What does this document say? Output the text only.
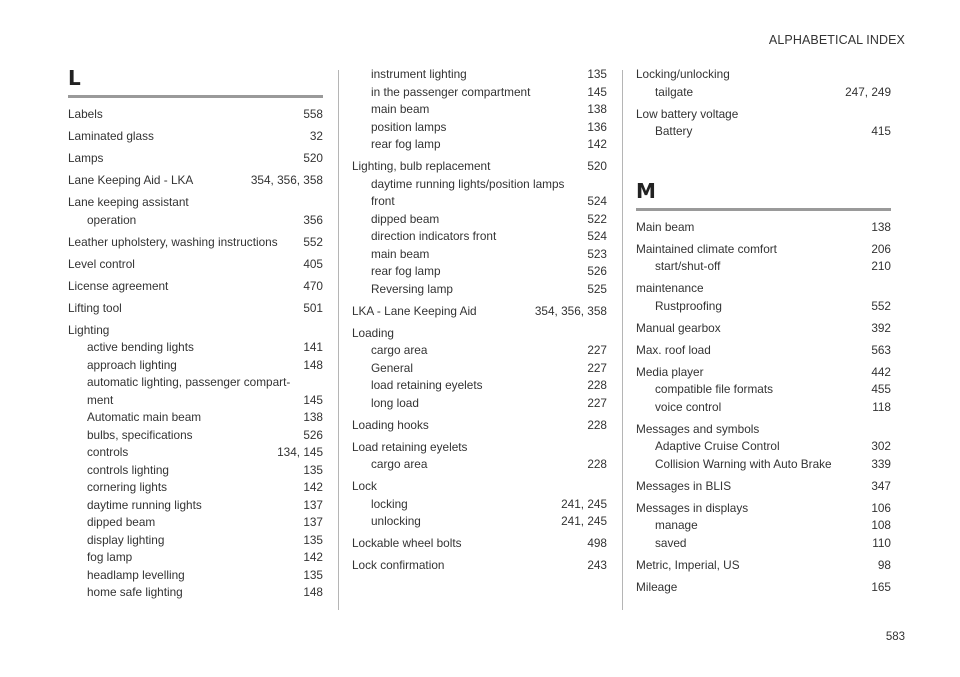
ALPHABETICAL INDEX
L
Labels	558
Laminated glass	32
Lamps	520
Lane Keeping Aid - LKA	354, 356, 358
Lane keeping assistant
operation	356
Leather upholstery, washing instructions	552
Level control	405
License agreement	470
Lifting tool	501
Lighting
active bending lights	141
approach lighting	148
automatic lighting, passenger compart-
ment	145
Automatic main beam	138
bulbs, specifications	526
controls	134, 145
controls lighting	135
cornering lights	142
daytime running lights	137
dipped beam	137
display lighting	135
fog lamp	142
headlamp levelling	135
home safe lighting	148
instrument lighting	135
in the passenger compartment	145
main beam	138
position lamps	136
rear fog lamp	142
Lighting, bulb replacement	520
daytime running lights/position lamps
front	524
dipped beam	522
direction indicators front	524
main beam	523
rear fog lamp	526
Reversing lamp	525
LKA - Lane Keeping Aid	354, 356, 358
Loading
cargo area	227
General	227
load retaining eyelets	228
long load	227
Loading hooks	228
Load retaining eyelets
cargo area	228
Lock
locking	241, 245
unlocking	241, 245
Lockable wheel bolts	498
Lock confirmation	243
Locking/unlocking
tailgate	247, 249
Low battery voltage
Battery	415
M
Main beam	138
Maintained climate comfort	206
start/shut-off	210
maintenance
Rustproofing	552
Manual gearbox	392
Max. roof load	563
Media player	442
compatible file formats	455
voice control	118
Messages and symbols
Adaptive Cruise Control	302
Collision Warning with Auto Brake	339
Messages in BLIS	347
Messages in displays	106
manage	108
saved	110
Metric, Imperial, US	98
Mileage	165
583
